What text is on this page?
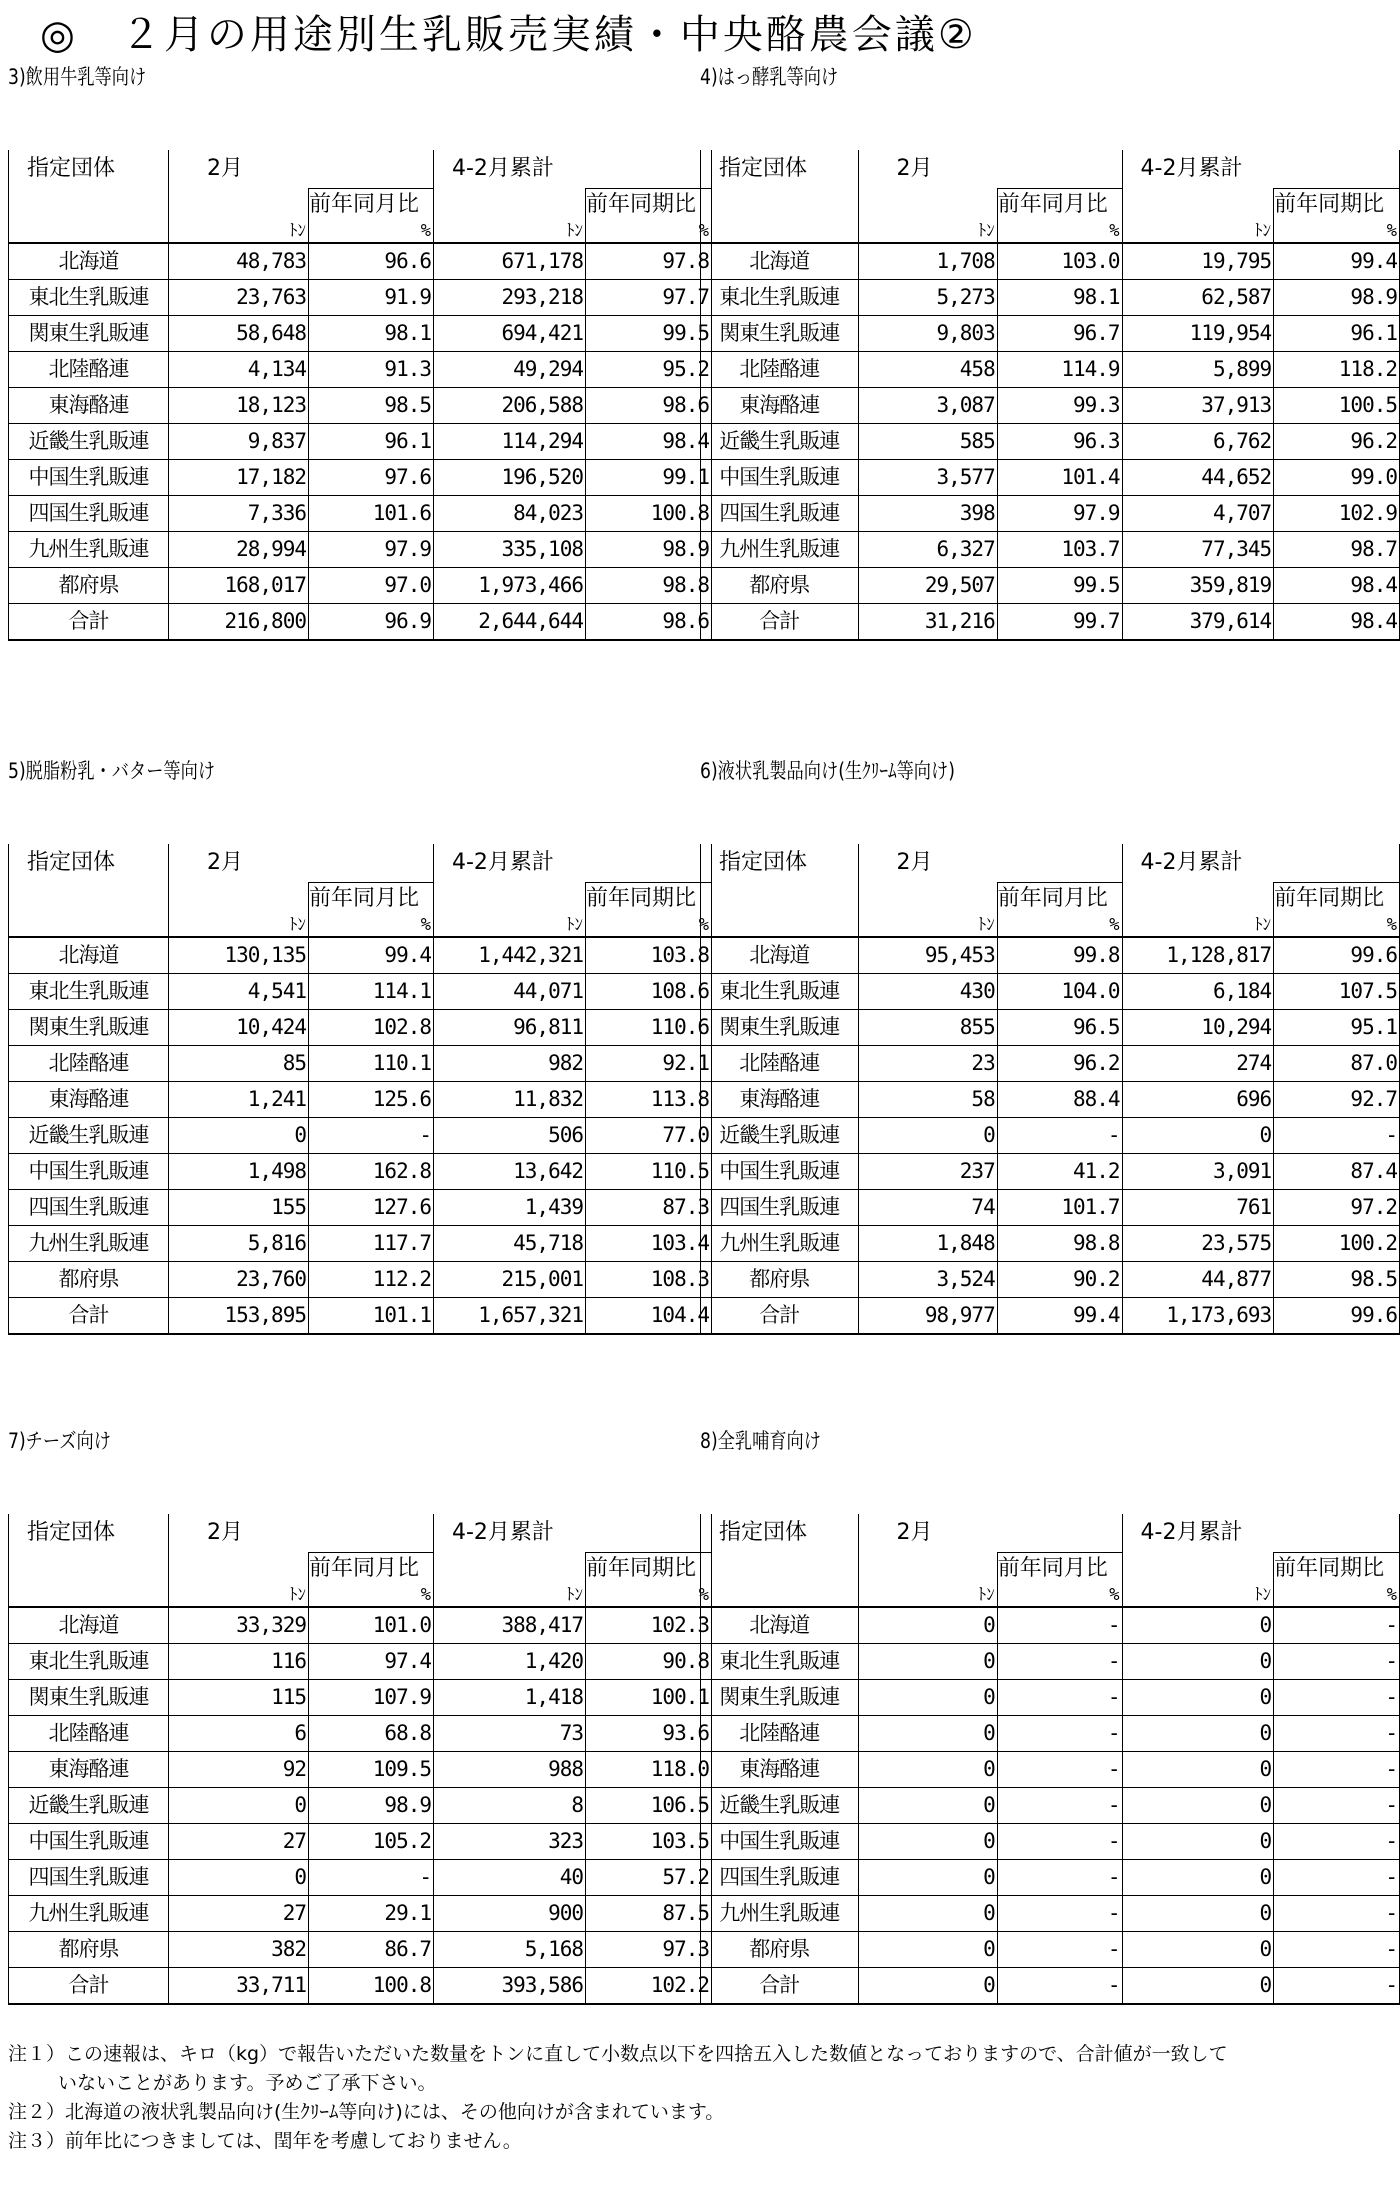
◎　２月の用途別生乳販売実績・中央酪農会議②
3)飲用牛乳等向け

指定団体	2月		4-2月累計	
		前年同月比		前年同期比
	ﾄﾝ	%	ﾄﾝ	%
北海道	48,783	96.6	671,178	97.8
東北生乳販連	23,763	91.9	293,218	97.7
関東生乳販連	58,648	98.1	694,421	99.5
北陸酪連	4,134	91.3	49,294	95.2
東海酪連	18,123	98.5	206,588	98.6
近畿生乳販連	9,837	96.1	114,294	98.4
中国生乳販連	17,182	97.6	196,520	99.1
四国生乳販連	7,336	101.6	84,023	100.8
九州生乳販連	28,994	97.9	335,108	98.9
都府県	168,017	97.0	1,973,466	98.8
合計	216,800	96.9	2,644,644	98.6
4)はっ酵乳等向け

指定団体	2月		4-2月累計	
		前年同月比		前年同期比
	ﾄﾝ	%	ﾄﾝ	%
北海道	1,708	103.0	19,795	99.4
東北生乳販連	5,273	98.1	62,587	98.9
関東生乳販連	9,803	96.7	119,954	96.1
北陸酪連	458	114.9	5,899	118.2
東海酪連	3,087	99.3	37,913	100.5
近畿生乳販連	585	96.3	6,762	96.2
中国生乳販連	3,577	101.4	44,652	99.0
四国生乳販連	398	97.9	4,707	102.9
九州生乳販連	6,327	103.7	77,345	98.7
都府県	29,507	99.5	359,819	98.4
合計	31,216	99.7	379,614	98.4
5)脱脂粉乳・バター等向け

指定団体	2月		4-2月累計	
		前年同月比		前年同期比
	ﾄﾝ	%	ﾄﾝ	%
北海道	130,135	99.4	1,442,321	103.8
東北生乳販連	4,541	114.1	44,071	108.6
関東生乳販連	10,424	102.8	96,811	110.6
北陸酪連	85	110.1	982	92.1
東海酪連	1,241	125.6	11,832	113.8
近畿生乳販連	0	-	506	77.0
中国生乳販連	1,498	162.8	13,642	110.5
四国生乳販連	155	127.6	1,439	87.3
九州生乳販連	5,816	117.7	45,718	103.4
都府県	23,760	112.2	215,001	108.3
合計	153,895	101.1	1,657,321	104.4
6)液状乳製品向け(生ｸﾘｰﾑ等向け)

指定団体	2月		4-2月累計	
		前年同月比		前年同期比
	ﾄﾝ	%	ﾄﾝ	%
北海道	95,453	99.8	1,128,817	99.6
東北生乳販連	430	104.0	6,184	107.5
関東生乳販連	855	96.5	10,294	95.1
北陸酪連	23	96.2	274	87.0
東海酪連	58	88.4	696	92.7
近畿生乳販連	0	-	0	-
中国生乳販連	237	41.2	3,091	87.4
四国生乳販連	74	101.7	761	97.2
九州生乳販連	1,848	98.8	23,575	100.2
都府県	3,524	90.2	44,877	98.5
合計	98,977	99.4	1,173,693	99.6
7)チーズ向け

指定団体	2月		4-2月累計	
		前年同月比		前年同期比
	ﾄﾝ	%	ﾄﾝ	%
北海道	33,329	101.0	388,417	102.3
東北生乳販連	116	97.4	1,420	90.8
関東生乳販連	115	107.9	1,418	100.1
北陸酪連	6	68.8	73	93.6
東海酪連	92	109.5	988	118.0
近畿生乳販連	0	98.9	8	106.5
中国生乳販連	27	105.2	323	103.5
四国生乳販連	0	-	40	57.2
九州生乳販連	27	29.1	900	87.5
都府県	382	86.7	5,168	97.3
合計	33,711	100.8	393,586	102.2
8)全乳哺育向け

指定団体	2月		4-2月累計	
		前年同月比		前年同期比
	ﾄﾝ	%	ﾄﾝ	%
北海道	0	-	0	-
東北生乳販連	0	-	0	-
関東生乳販連	0	-	0	-
北陸酪連	0	-	0	-
東海酪連	0	-	0	-
近畿生乳販連	0	-	0	-
中国生乳販連	0	-	0	-
四国生乳販連	0	-	0	-
九州生乳販連	0	-	0	-
都府県	0	-	0	-
合計	0	-	0	-
注１）この速報は、キロ（kg）で報告いただいた数量をトンに直して小数点以下を四捨五入した数値となっておりますので、合計値が一致して
いないことがあります。予めご了承下さい。
注２）北海道の液状乳製品向け(生ｸﾘｰﾑ等向け)には、その他向けが含まれています。
注３）前年比につきましては、閏年を考慮しておりません。
